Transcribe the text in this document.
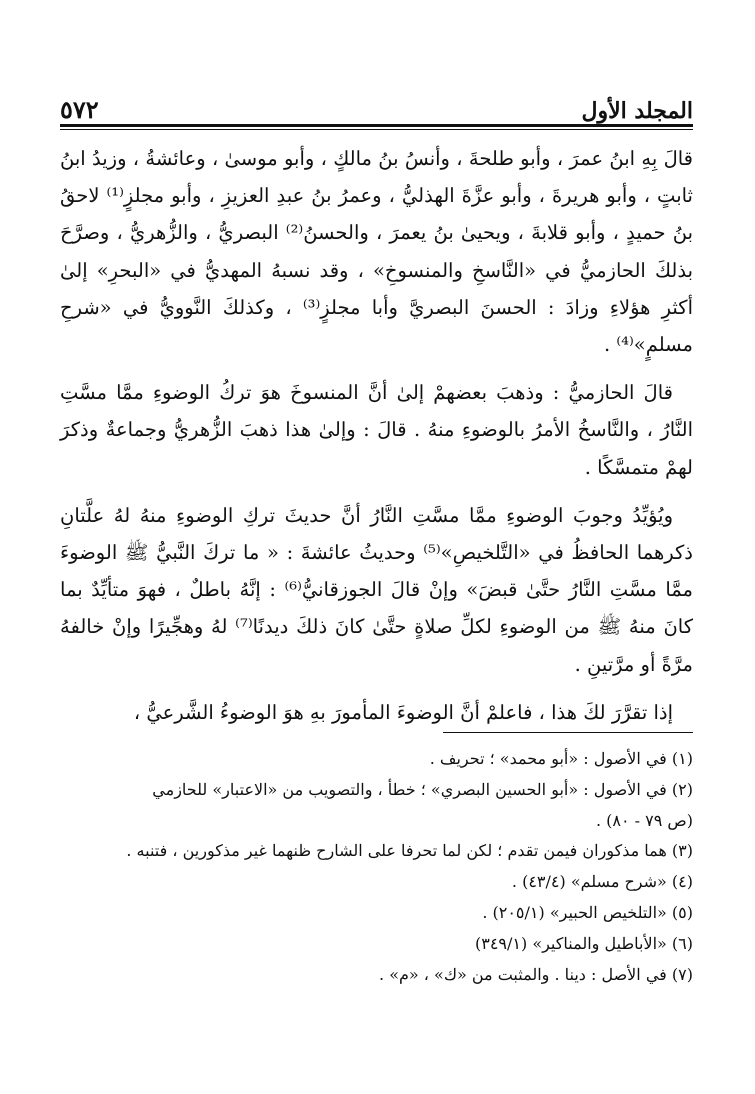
المجلد الأول
٥٧٢

قالَ بِهِ ابنُ عمرَ ، وأبو طلحةَ ، وأنسُ بنُ مالكٍ ، وأبو موسىٰ ، وعائشةُ ، وزيدُ ابنُ ثابتٍ ، وأبو هريرةَ ، وأبو عزَّةَ الهذليُّ ، وعمرُ بنُ عبدِ العزيزِ ، وأبو مجلزٍ⁽¹⁾ لاحقُ بنُ حميدٍ ، وأبو قلابةَ ، ويحيىٰ بنُ يعمرَ ، والحسنُ⁽²⁾ البصريُّ ، والزُّهريُّ ، وصرَّحَ بذلكَ الحازميُّ في «النَّاسخِ والمنسوخِ» ، وقد نسبهُ المهديُّ في «البحرِ» إلىٰ أكثرِ هؤلاءِ وزادَ : الحسنَ البصريَّ وأبا مجلزٍ⁽³⁾ ، وكذلكَ النَّوويُّ في «شرحِ مسلمٍ»⁽⁴⁾ .

قالَ الحازميُّ : وذهبَ بعضهمْ إلىٰ أنَّ المنسوخَ هوَ تركُ الوضوءِ ممَّا مسَّتِ النَّارُ ، والنَّاسخُ الأمرُ بالوضوءِ منهُ . قالَ : وإلىٰ هذا ذهبَ الزُّهريُّ وجماعةٌ وذكرَ لهمْ متمسَّكًا .

ويُؤيِّدُ وجوبَ الوضوءِ ممَّا مسَّتِ النَّارُ أنَّ حديثَ تركِ الوضوءِ منهُ لهُ علَّتانِ ذكرهما الحافظُ في «التَّلخيصِ»⁽⁵⁾ وحديثُ عائشةَ : « ما تركَ النَّبيُّ ﷺ الوضوءَ ممَّا مسَّتِ النَّارُ حتَّىٰ قبضَ» وإنْ قالَ الجوزقانيُّ⁽⁶⁾ : إنَّهُ باطلٌ ، فهوَ متأيِّدٌ بما كانَ منهُ ﷺ من الوضوءِ لكلِّ صلاةٍ حتَّىٰ كانَ ذلكَ ديدنًا⁽⁷⁾ لهُ وهجِّيرًا وإنْ خالفهُ مرَّةً أو مرَّتينِ .

إذا تقرَّرَ لكَ هذا ، فاعلمْ أنَّ الوضوءَ المأمورَ بهِ هوَ الوضوءُ الشَّرعيُّ ،

(١) في الأصول : «أبو محمد» ؛ تحريف .

(٢) في الأصول : «أبو الحسين البصري» ؛ خطأ ، والتصويب من «الاعتبار» للحازمي

(ص ٧٩ - ٨٠) .

(٣) هما مذكوران فيمن تقدم ؛ لكن لما تحرفا على الشارح ظنهما غير مذكورين ، فتنبه .

(٤) «شرح مسلم» (٤٣/٤) .

(٥) «التلخيص الحبير» (٢٠٥/١) .

(٦) «الأباطيل والمناكير» (٣٤٩/١)

(٧) في الأصل : دينا . والمثبت من «ك» ، «م» .
